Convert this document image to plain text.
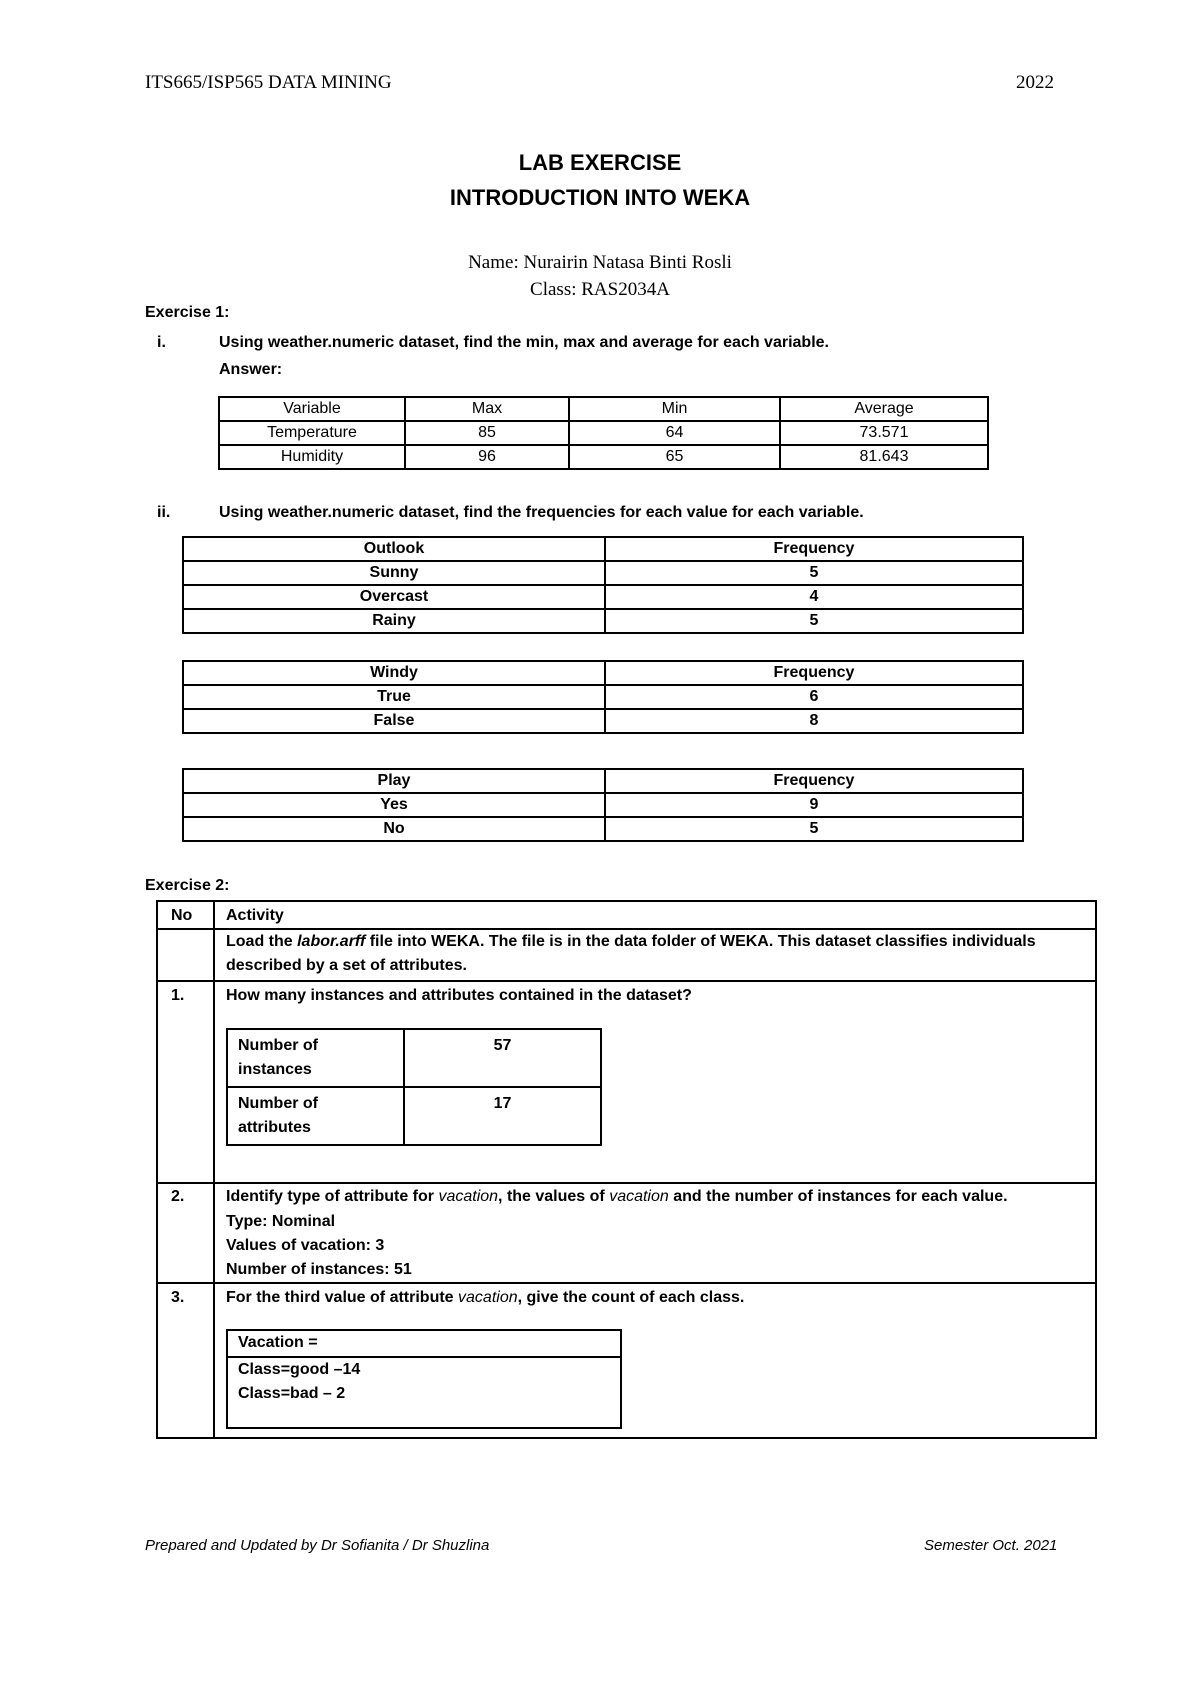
ITS665/ISP565 DATA MINING	2022
LAB EXERCISE
INTRODUCTION INTO WEKA
Name: Nurairin Natasa Binti Rosli
Class: RAS2034A
Exercise 1:
i.	Using weather.numeric dataset, find the min, max and average for each variable.
Answer:
Variable	Max	Min	Average
Temperature	85	64	73.571
Humidity	96	65	81.643
ii.	Using weather.numeric dataset, find the frequencies for each value for each variable.
Outlook	Frequency
Sunny	5
Overcast	4
Rainy	5
Windy	Frequency
True	6
False	8
Play	Frequency
Yes	9
No	5
Exercise 2:
No Activity
Load the labor.arff file into WEKA. The file is in the data folder of WEKA. This dataset classifies individuals
described by a set of attributes.
1.	How many instances and attributes contained in the dataset?
Number of instances	57
Number of attributes	17
2.	Identify type of attribute for vacation, the values of vacation and the number of instances for each value.
Type: Nominal
Values of vacation: 3
Number of instances: 51
3.	For the third value of attribute vacation, give the count of each class.
Vacation =
Class=good –14
Class=bad – 2
Prepared and Updated by Dr Sofianita / Dr Shuzlina	Semester Oct. 2021
